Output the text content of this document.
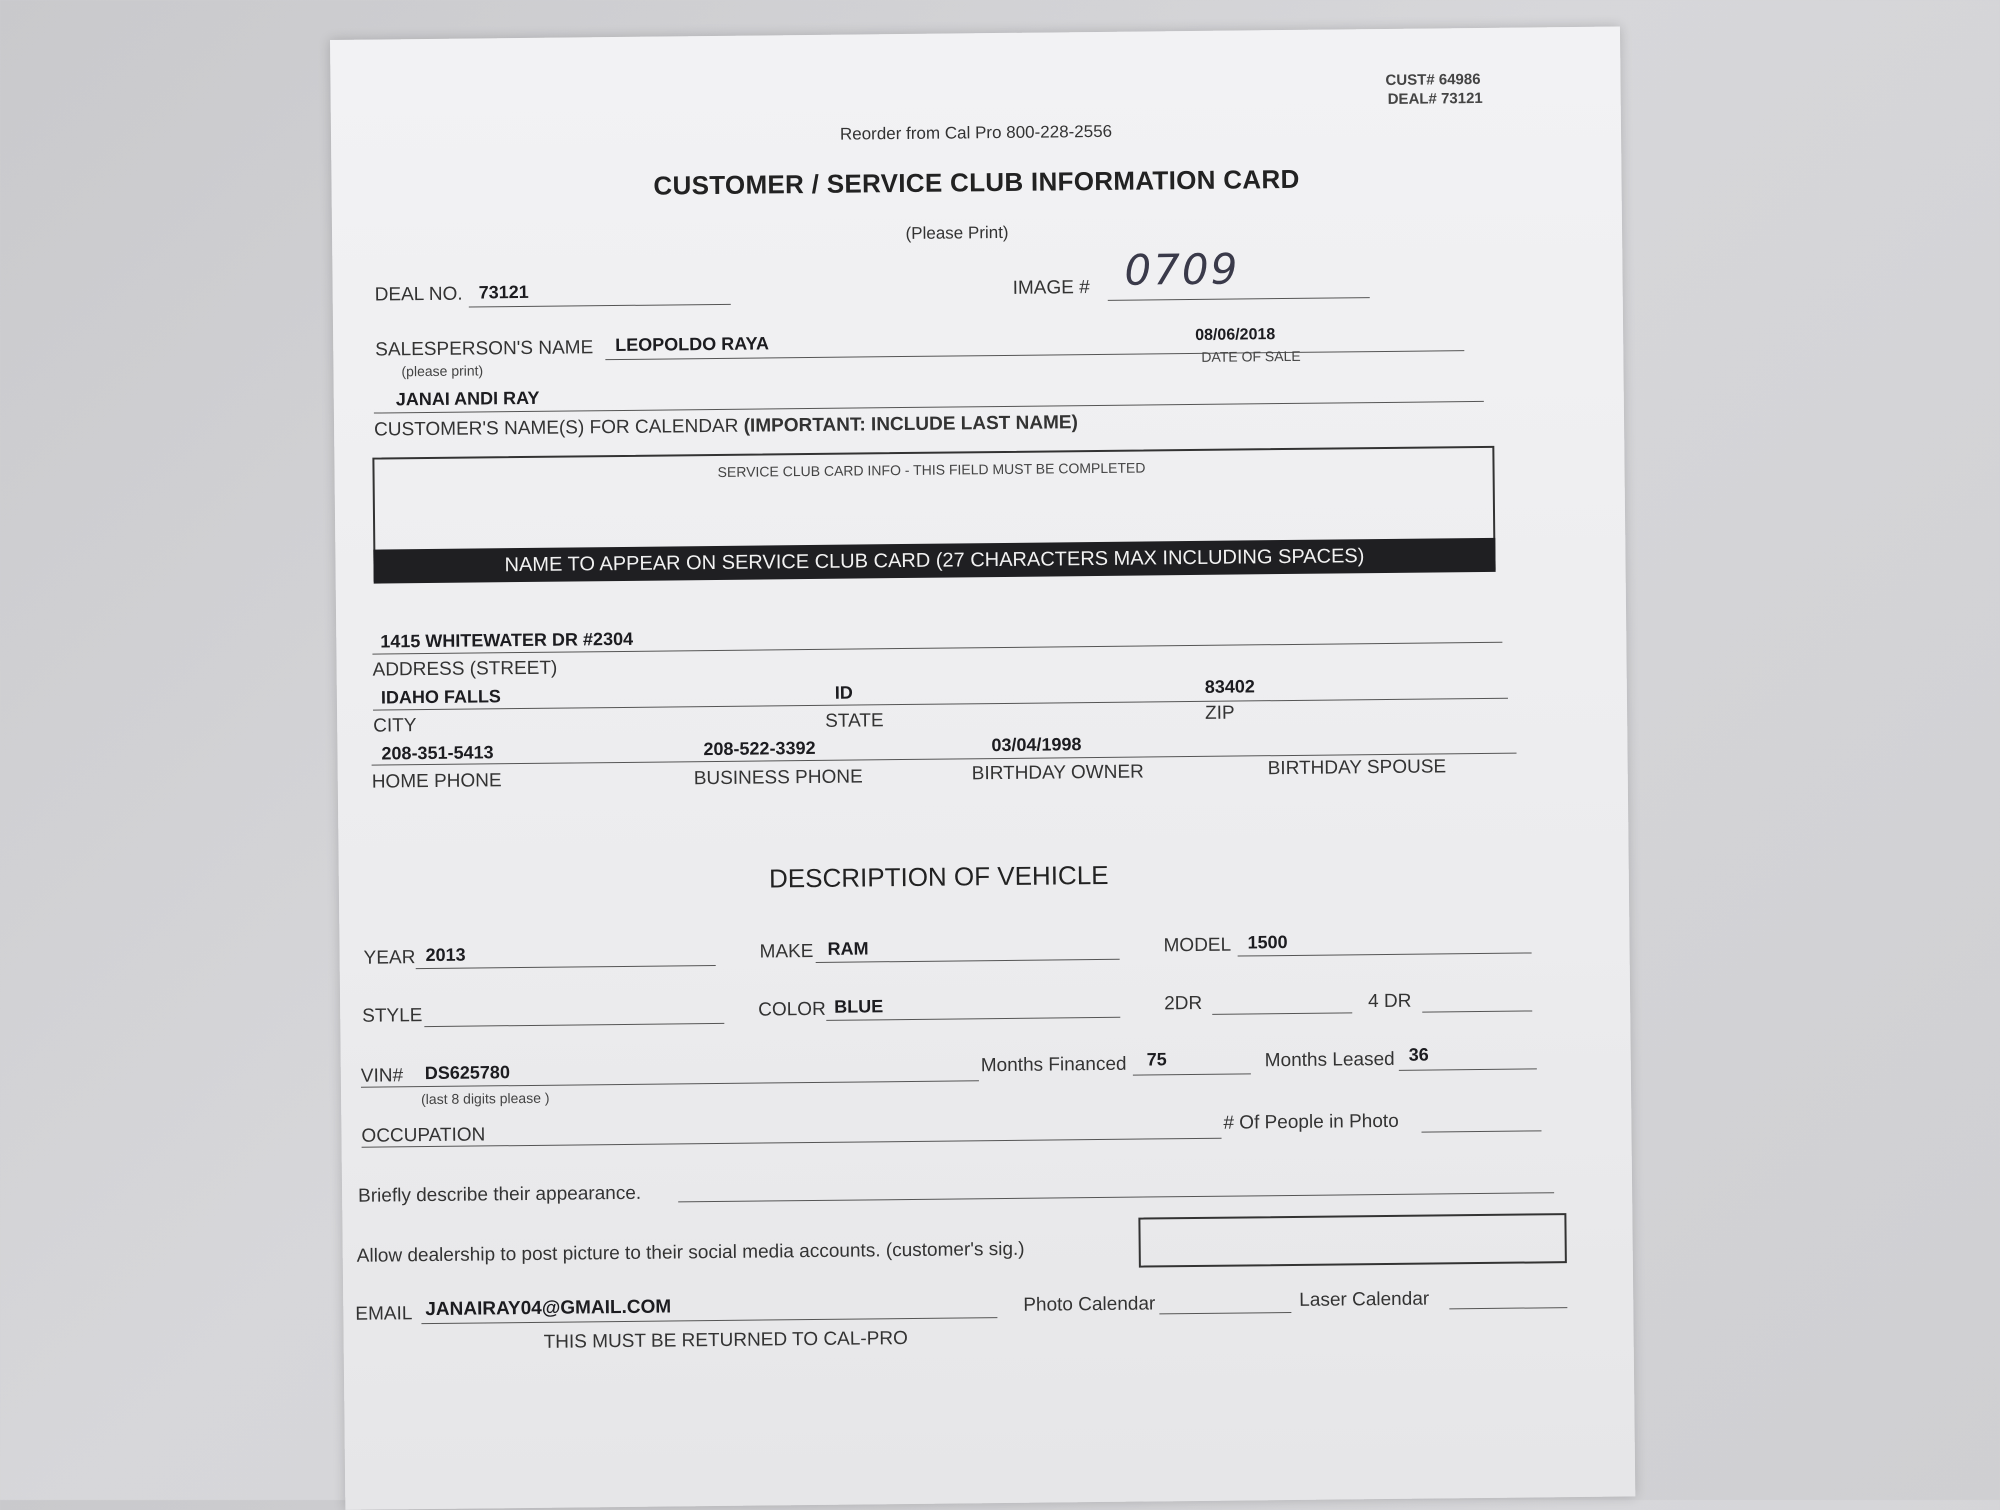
CUST# 64986
DEAL# 73121
Reorder from Cal Pro 800-228-2556
CUSTOMER / SERVICE CLUB INFORMATION CARD
(Please Print)
DEAL NO. 73121	IMAGE # 0709
SALESPERSON'S NAME
(please print)
LEOPOLDO RAYA	08/06/2018
DATE OF SALE
JANAI ANDI RAY
CUSTOMER'S NAME(S) FOR CALENDAR (IMPORTANT: INCLUDE LAST NAME)
SERVICE CLUB CARD INFO - THIS FIELD MUST BE COMPLETED
NAME TO APPEAR ON SERVICE CLUB CARD (27 CHARACTERS MAX INCLUDING SPACES)
1415 WHITEWATER DR #2304
ADDRESS (STREET)
IDAHO FALLS	ID	83402
CITY	STATE	ZIP
208-351-5413	208-522-3392	03/04/1998
HOME PHONE	BUSINESS PHONE	BIRTHDAY OWNER	BIRTHDAY SPOUSE
DESCRIPTION OF VEHICLE
YEAR 2013	MAKE RAM	MODEL 1500
STYLE	COLOR BLUE	2DR	4 DR
VIN# DS625780
(last 8 digits please )
Months Financed 75	Months Leased 36
OCCUPATION
# Of People in Photo
Briefly describe their appearance.
Allow dealership to post picture to their social media accounts. (customer's sig.)
EMAIL JANAIRAY04@GMAIL.COM	Photo Calendar	Laser Calendar
THIS MUST BE RETURNED TO CAL-PRO
